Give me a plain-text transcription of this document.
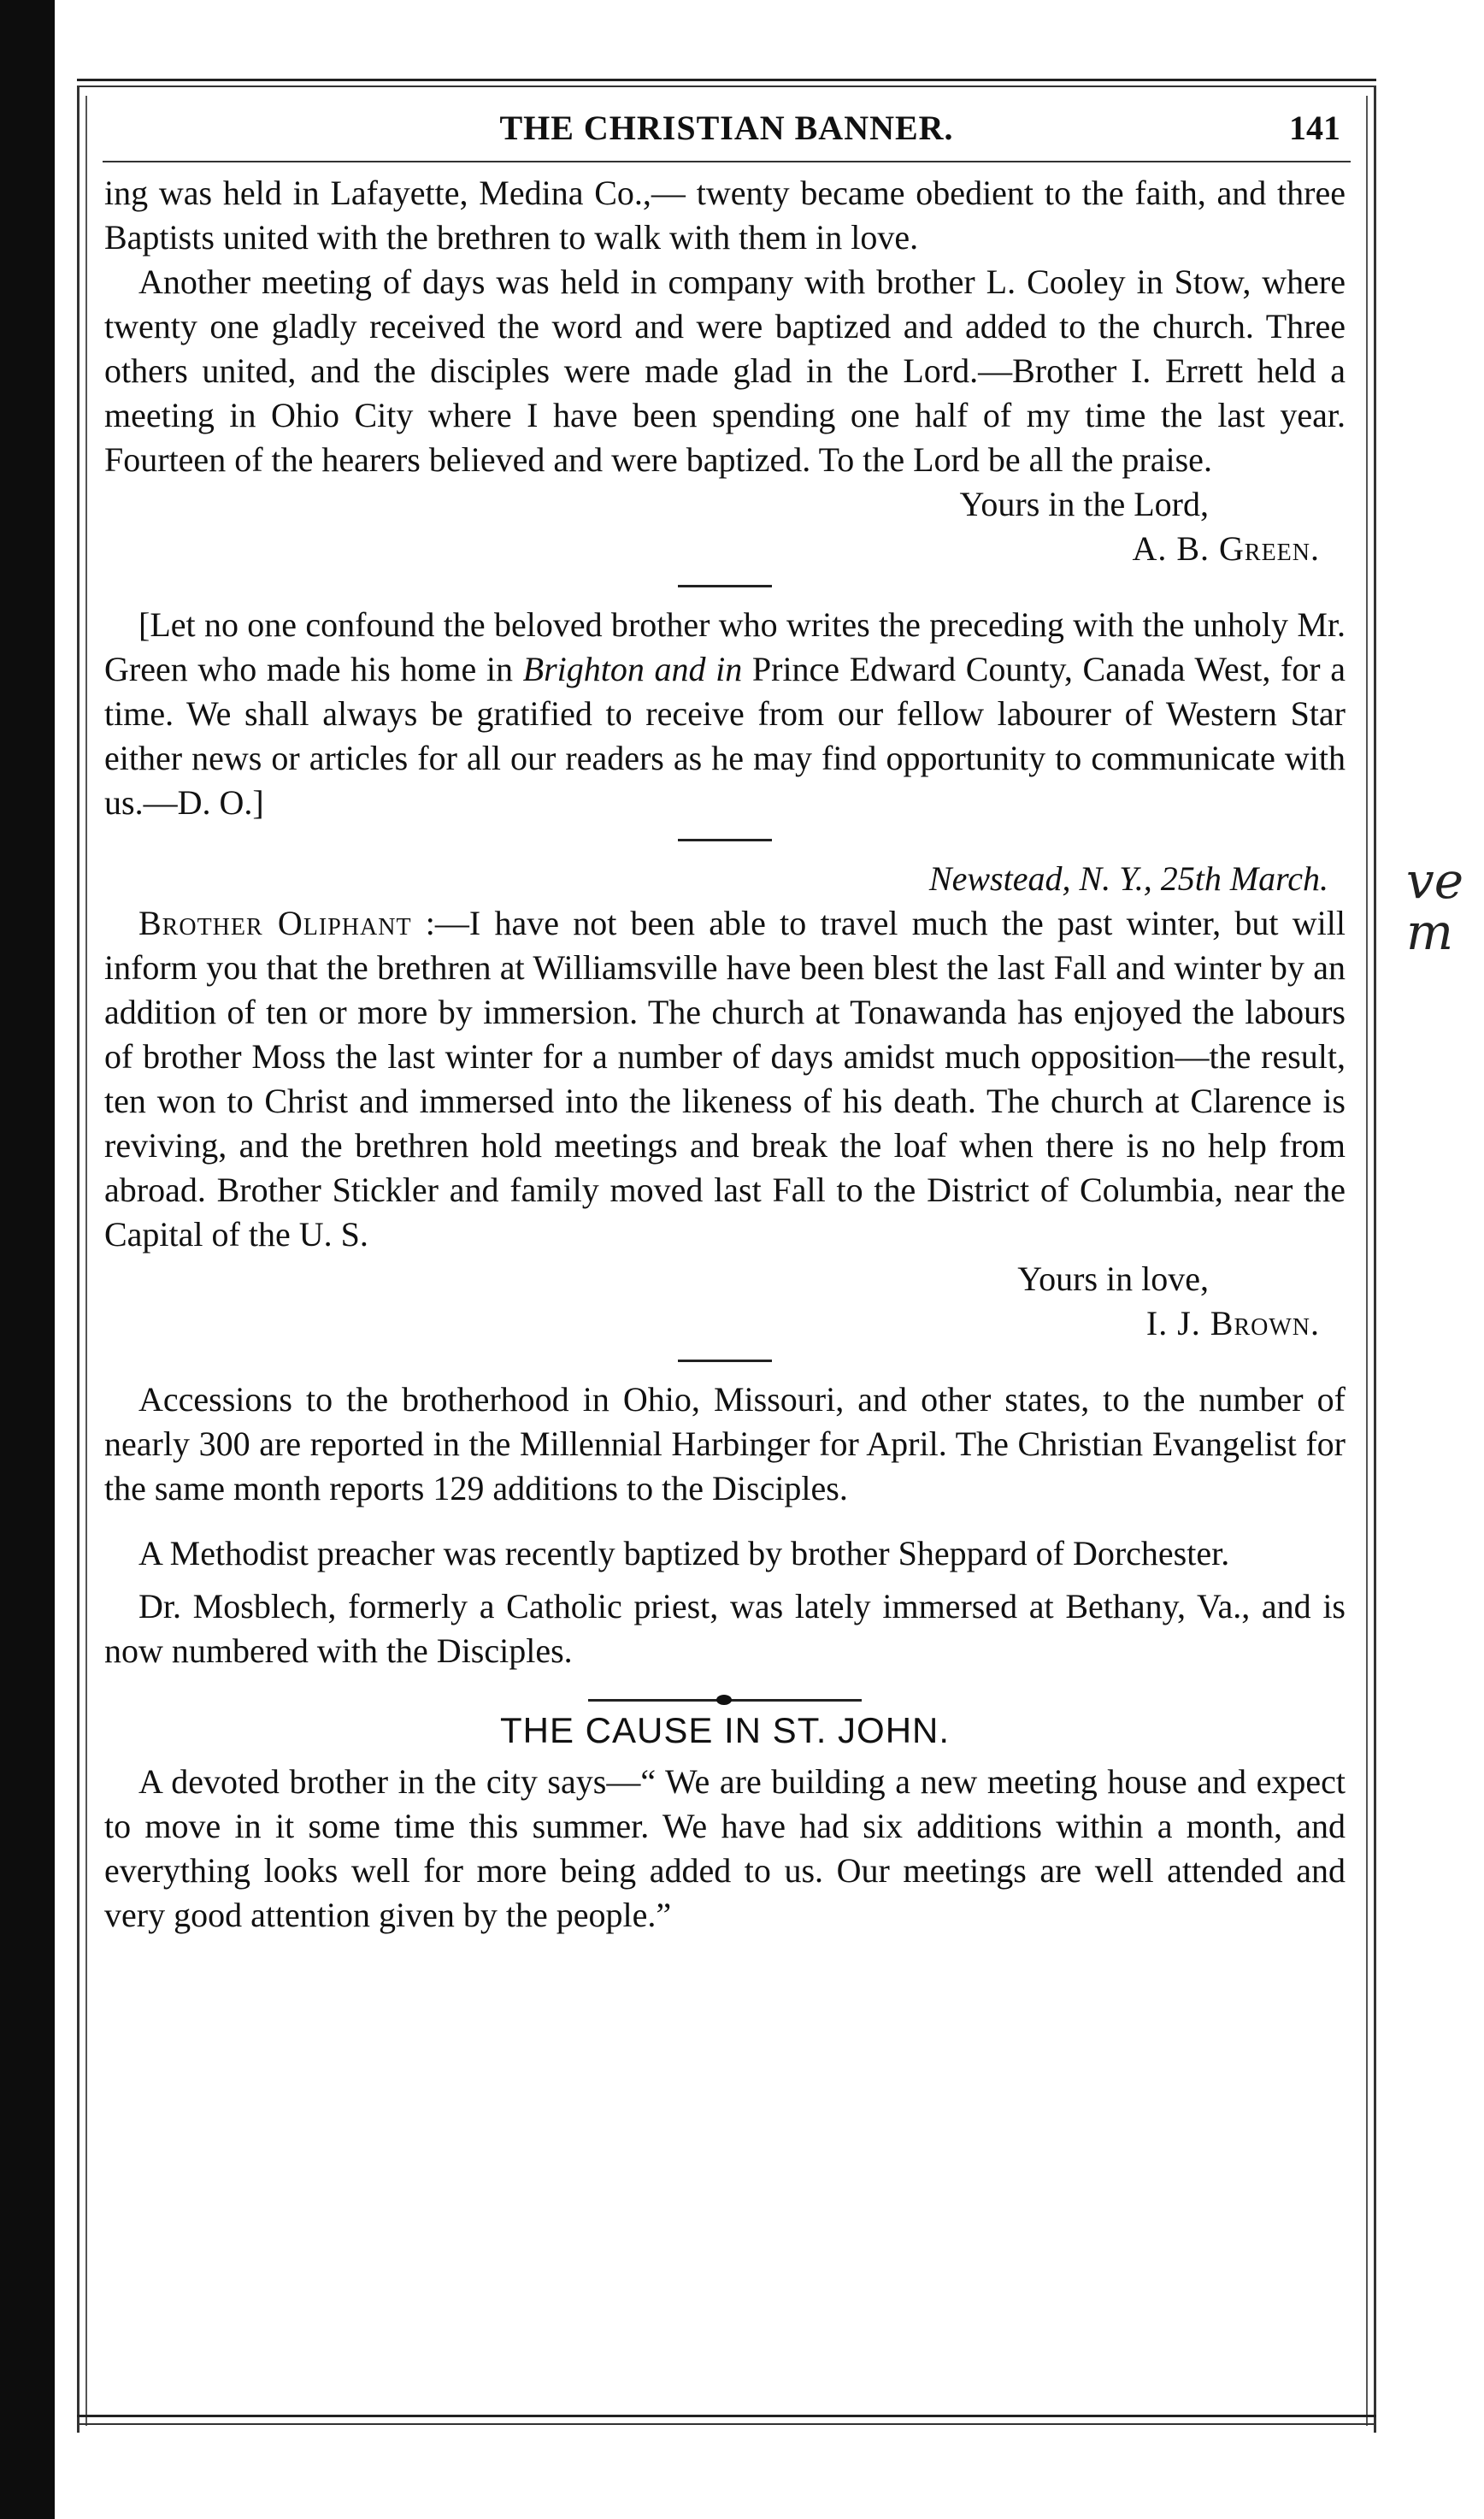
THE CHRISTIAN BANNER.	141

ing was held in Lafayette, Medina Co.,— twenty became obedient to the faith, and three Baptists united with the brethren to walk with them in love.

Another meeting of days was held in company with brother L. Cooley in Stow, where twenty one gladly received the word and were baptized and added to the church. Three others united, and the disciples were made glad in the Lord.—Brother I. Errett held a meeting in Ohio City where I have been spending one half of my time the last year. Fourteen of the hearers believed and were baptized. To the Lord be all the praise.

Yours in the Lord,

A. B. Green.

[Let no one confound the beloved brother who writes the preceding with the unholy Mr. Green who made his home in Brighton and in Prince Edward County, Canada West, for a time. We shall always be gratified to receive from our fellow labourer of Western Star either news or articles for all our readers as he may find opportunity to communicate with us.—D. O.]

Newstead, N. Y., 25th March.

Brother Oliphant :—I have not been able to travel much the past winter, but will inform you that the brethren at Williamsville have been blest the last Fall and winter by an addition of ten or more by immersion. The church at Tonawanda has enjoyed the labours of brother Moss the last winter for a number of days amidst much opposition—the result, ten won to Christ and immersed into the likeness of his death. The church at Clarence is reviving, and the brethren hold meetings and break the loaf when there is no help from abroad. Brother Stickler and family moved last Fall to the District of Columbia, near the Capital of the U. S.

Yours in love,

I. J. Brown.

Accessions to the brotherhood in Ohio, Missouri, and other states, to the number of nearly 300 are reported in the Millennial Harbinger for April. The Christian Evangelist for the same month reports 129 additions to the Disciples.

A Methodist preacher was recently baptized by brother Sheppard of Dorchester.

Dr. Mosblech, formerly a Catholic priest, was lately immersed at Bethany, Va., and is now numbered with the Disciples.

THE CAUSE IN ST. JOHN.

A devoted brother in the city says—“ We are building a new meeting house and expect to move in it some time this summer. We have had six additions within a month, and everything looks well for more being added to us. Our meetings are well attended and very good attention given by the people.”

ve
m
